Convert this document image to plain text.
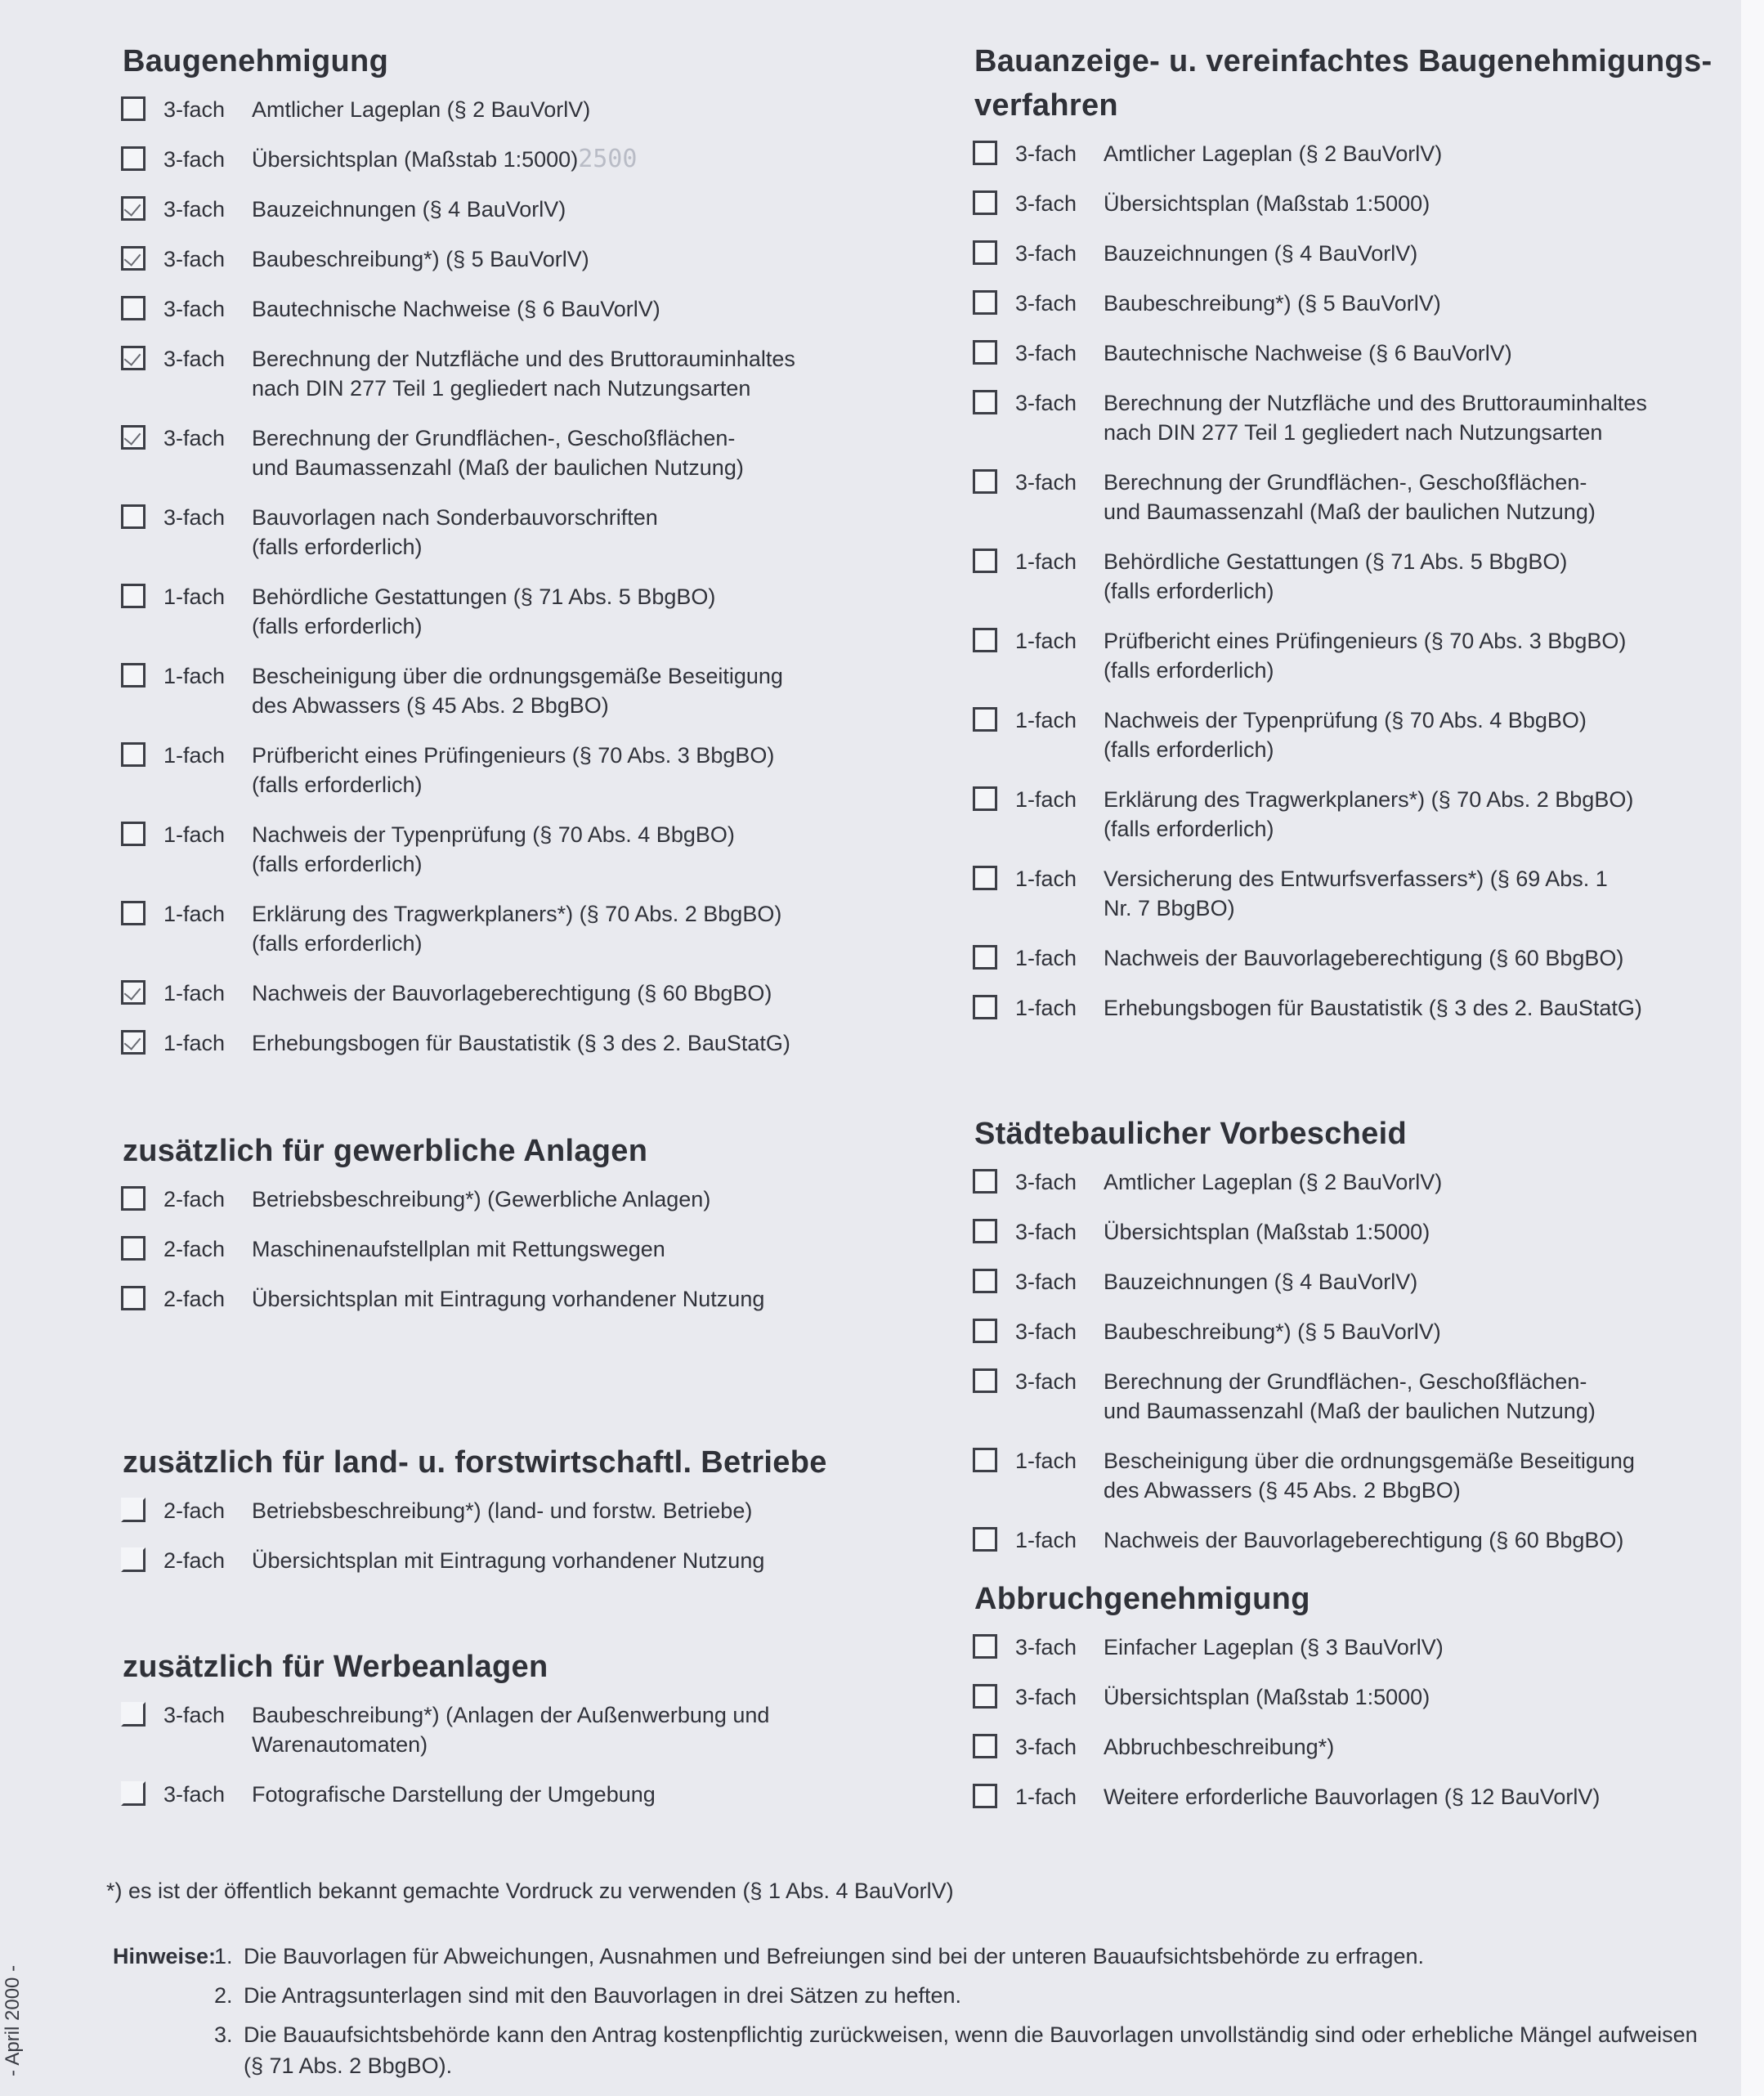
Baugenehmigung
3-fach	Amtlicher Lageplan (§ 2 BauVorlV)
3-fach	Übersichtsplan (Maßstab 1:5000)2500
3-fach	Bauzeichnungen (§ 4 BauVorlV)
3-fach	Baubeschreibung*) (§ 5 BauVorlV)
3-fach	Bautechnische Nachweise (§ 6 BauVorlV)
3-fach	Berechnung der Nutzfläche und des Bruttorauminhaltes
nach DIN 277 Teil 1 gegliedert nach Nutzungsarten
3-fach	Berechnung der Grundflächen-, Geschoßflächen-
und Baumassenzahl (Maß der baulichen Nutzung)
3-fach	Bauvorlagen nach Sonderbauvorschriften
(falls erforderlich)
1-fach	Behördliche Gestattungen (§ 71 Abs. 5 BbgBO)
(falls erforderlich)
1-fach	Bescheinigung über die ordnungsgemäße Beseitigung
des Abwassers (§ 45 Abs. 2 BbgBO)
1-fach	Prüfbericht eines Prüfingenieurs (§ 70 Abs. 3 BbgBO)
(falls erforderlich)
1-fach	Nachweis der Typenprüfung (§ 70 Abs. 4 BbgBO)
(falls erforderlich)
1-fach	Erklärung des Tragwerkplaners*) (§ 70 Abs. 2 BbgBO)
(falls erforderlich)
1-fach	Nachweis der Bauvorlageberechtigung (§ 60 BbgBO)
1-fach	Erhebungsbogen für Baustatistik (§ 3 des 2. BauStatG)
zusätzlich für gewerbliche Anlagen
2-fach	Betriebsbeschreibung*) (Gewerbliche Anlagen)
2-fach	Maschinenaufstellplan mit Rettungswegen
2-fach	Übersichtsplan mit Eintragung vorhandener Nutzung
zusätzlich für land- u. forstwirtschaftl. Betriebe
2-fach	Betriebsbeschreibung*) (land- und forstw. Betriebe)
2-fach	Übersichtsplan mit Eintragung vorhandener Nutzung
zusätzlich für Werbeanlagen
3-fach	Baubeschreibung*) (Anlagen der Außenwerbung und
Warenautomaten)
3-fach	Fotografische Darstellung der Umgebung
Bauanzeige- u. vereinfachtes Baugenehmigungs-
verfahren
3-fach	Amtlicher Lageplan (§ 2 BauVorlV)
3-fach	Übersichtsplan (Maßstab 1:5000)
3-fach	Bauzeichnungen (§ 4 BauVorlV)
3-fach	Baubeschreibung*) (§ 5 BauVorlV)
3-fach	Bautechnische Nachweise (§ 6 BauVorlV)
3-fach	Berechnung der Nutzfläche und des Bruttorauminhaltes
nach DIN 277 Teil 1 gegliedert nach Nutzungsarten
3-fach	Berechnung der Grundflächen-, Geschoßflächen-
und Baumassenzahl (Maß der baulichen Nutzung)
1-fach	Behördliche Gestattungen (§ 71 Abs. 5 BbgBO)
(falls erforderlich)
1-fach	Prüfbericht eines Prüfingenieurs (§ 70 Abs. 3 BbgBO)
(falls erforderlich)
1-fach	Nachweis der Typenprüfung (§ 70 Abs. 4 BbgBO)
(falls erforderlich)
1-fach	Erklärung des Tragwerkplaners*) (§ 70 Abs. 2 BbgBO)
(falls erforderlich)
1-fach	Versicherung des Entwurfsverfassers*) (§ 69 Abs. 1
Nr. 7 BbgBO)
1-fach	Nachweis der Bauvorlageberechtigung (§ 60 BbgBO)
1-fach	Erhebungsbogen für Baustatistik (§ 3 des 2. BauStatG)
Städtebaulicher Vorbescheid
3-fach	Amtlicher Lageplan (§ 2 BauVorlV)
3-fach	Übersichtsplan (Maßstab 1:5000)
3-fach	Bauzeichnungen (§ 4 BauVorlV)
3-fach	Baubeschreibung*) (§ 5 BauVorlV)
3-fach	Berechnung der Grundflächen-, Geschoßflächen-
und Baumassenzahl (Maß der baulichen Nutzung)
1-fach	Bescheinigung über die ordnungsgemäße Beseitigung
des Abwassers (§ 45 Abs. 2 BbgBO)
1-fach	Nachweis der Bauvorlageberechtigung (§ 60 BbgBO)
Abbruchgenehmigung
3-fach	Einfacher Lageplan (§ 3 BauVorlV)
3-fach	Übersichtsplan (Maßstab 1:5000)
3-fach	Abbruchbeschreibung*)
1-fach	Weitere erforderliche Bauvorlagen (§ 12 BauVorlV)
*) es ist der öffentlich bekannt gemachte Vordruck zu verwenden (§ 1 Abs. 4 BauVorlV)
Hinweise:
1. Die Bauvorlagen für Abweichungen, Ausnahmen und Befreiungen sind bei der unteren Bauaufsichtsbehörde zu erfragen.
2. Die Antragsunterlagen sind mit den Bauvorlagen in drei Sätzen zu heften.
3. Die Bauaufsichtsbehörde kann den Antrag kostenpflichtig zurückweisen, wenn die Bauvorlagen unvollständig sind oder erhebliche Mängel aufweisen (§ 71 Abs. 2 BbgBO).
- April 2000 -
